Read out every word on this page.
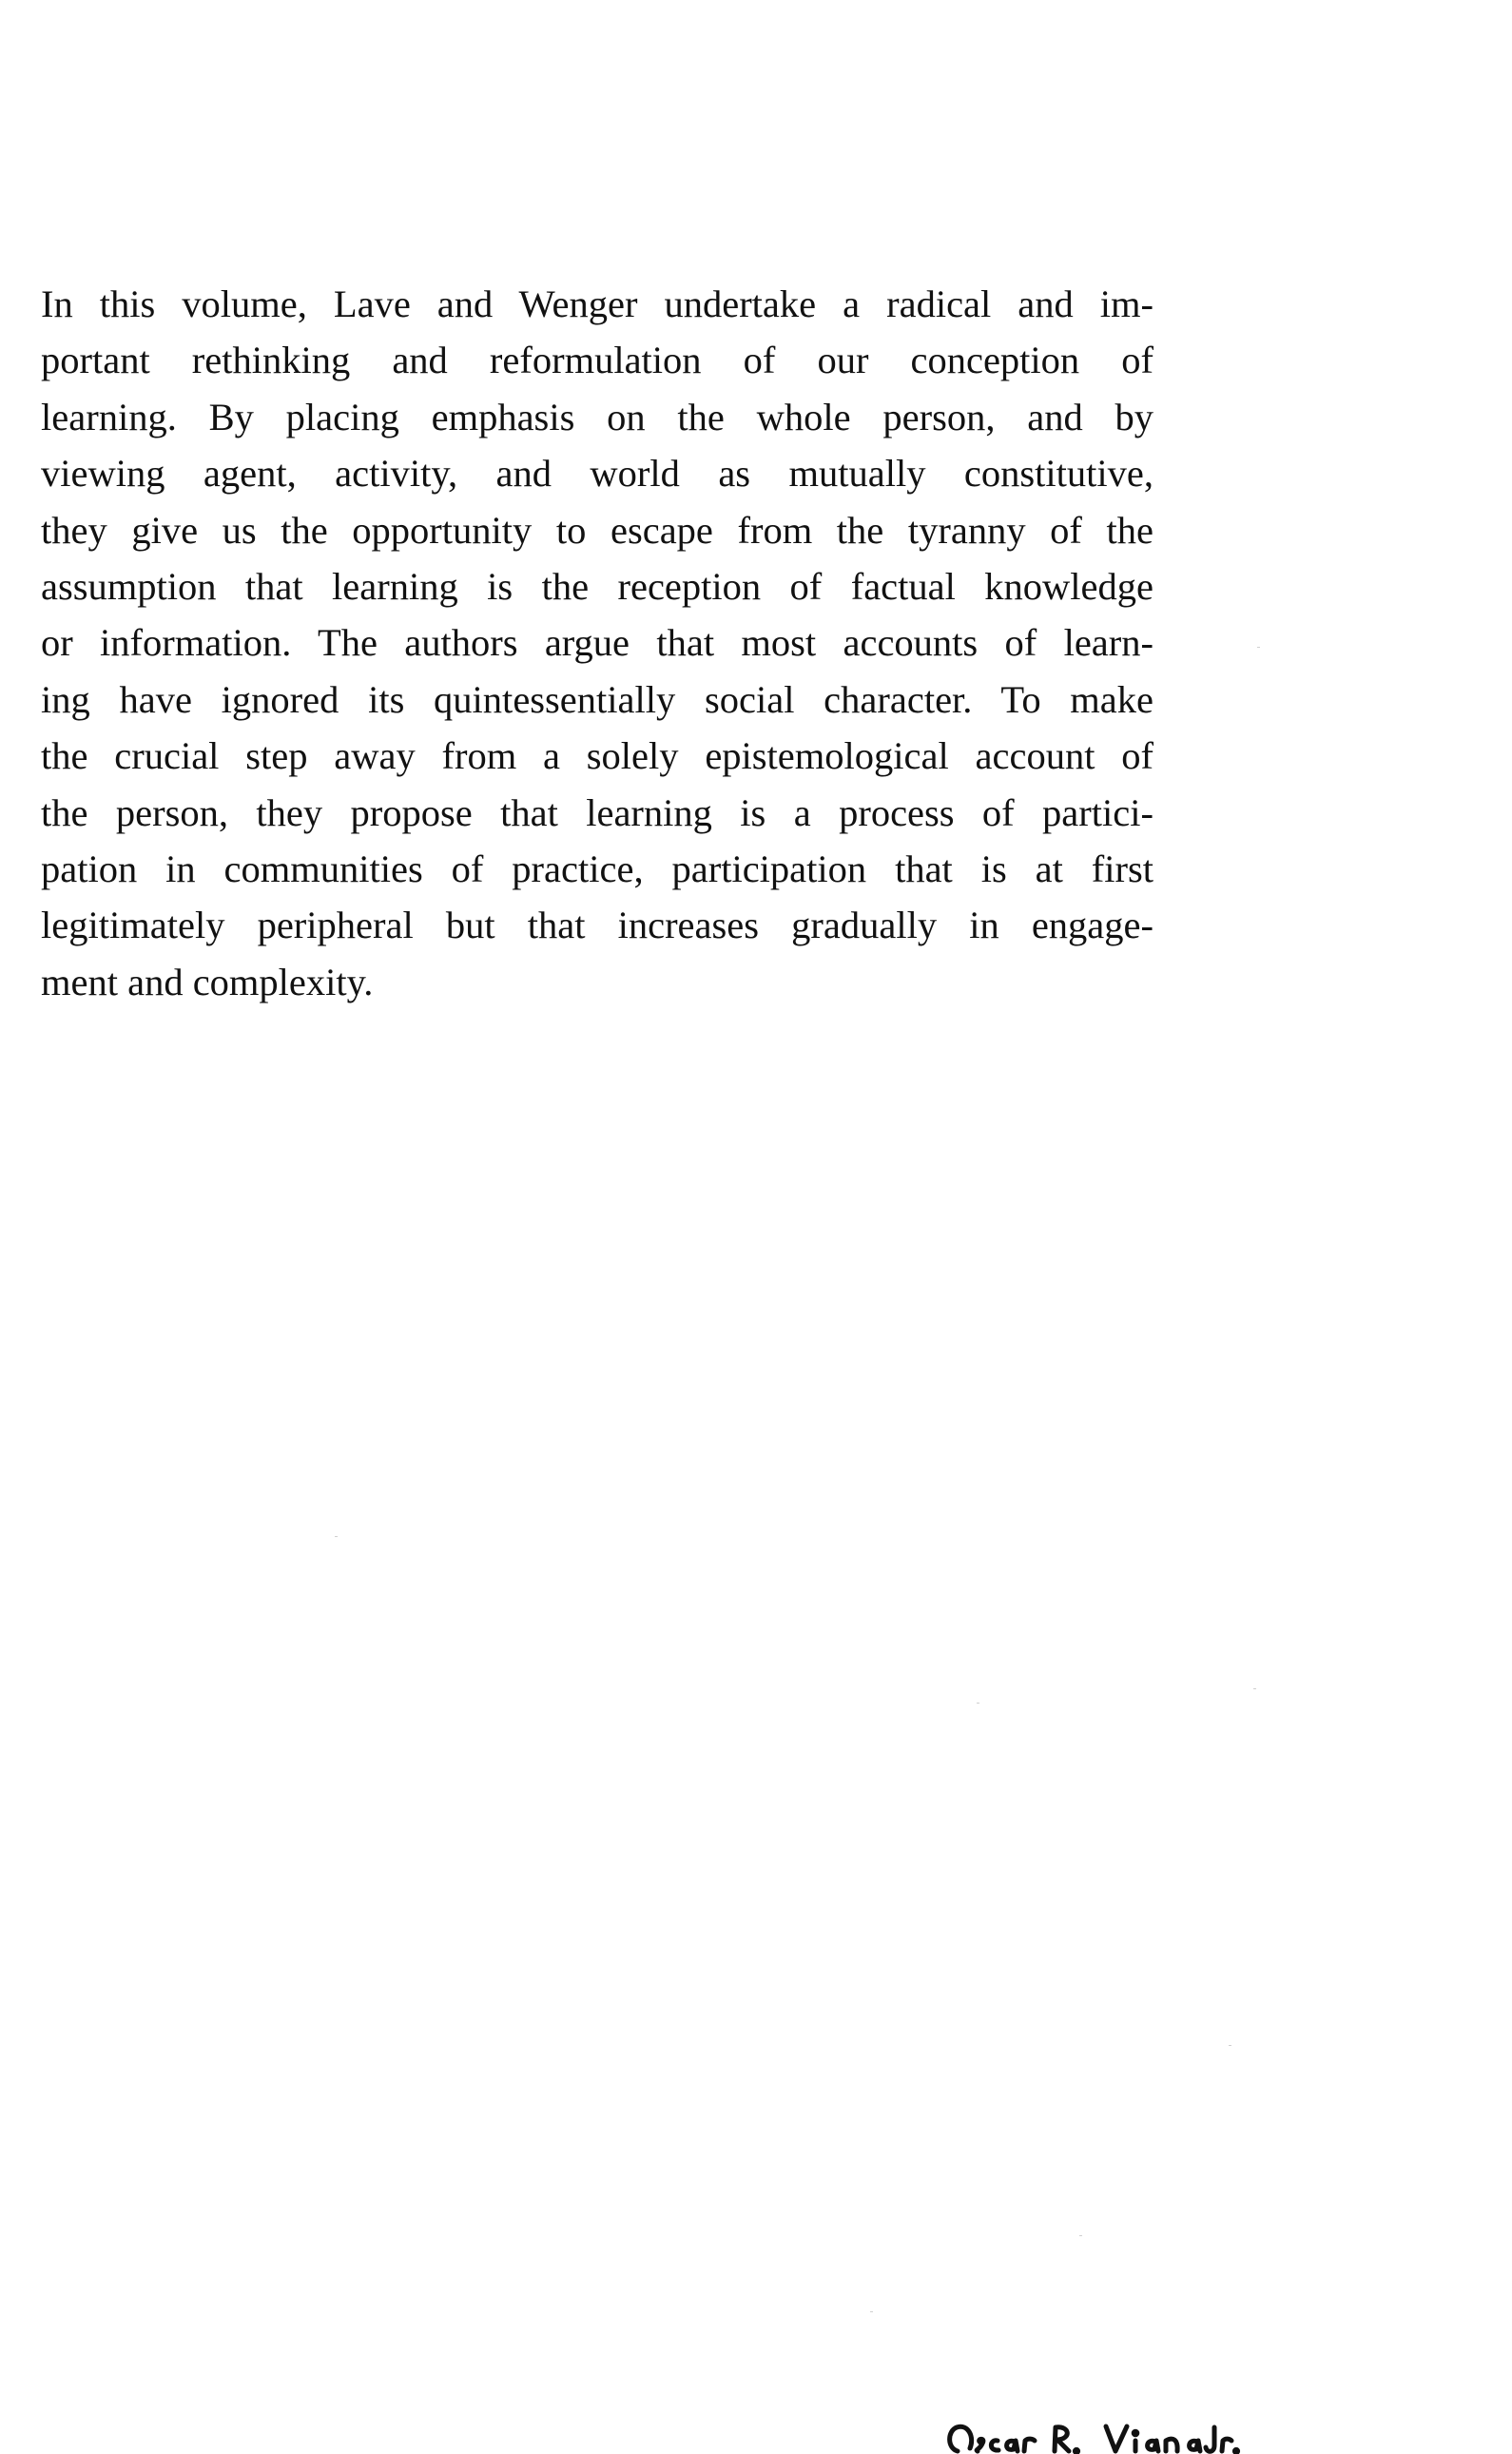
In this volume, Lave and Wenger undertake a radical and im-
portant rethinking and reformulation of our conception of
learning. By placing emphasis on the whole person, and by
viewing agent, activity, and world as mutually constitutive,
they give us the opportunity to escape from the tyranny of the
assumption that learning is the reception of factual knowledge
or information. The authors argue that most accounts of learn-
ing have ignored its quintessentially social character. To make
the crucial step away from a solely epistemological account of
the person, they propose that learning is a process of partici-
pation in communities of practice, participation that is at first
legitimately peripheral but that increases gradually in engage-
ment and complexity.
